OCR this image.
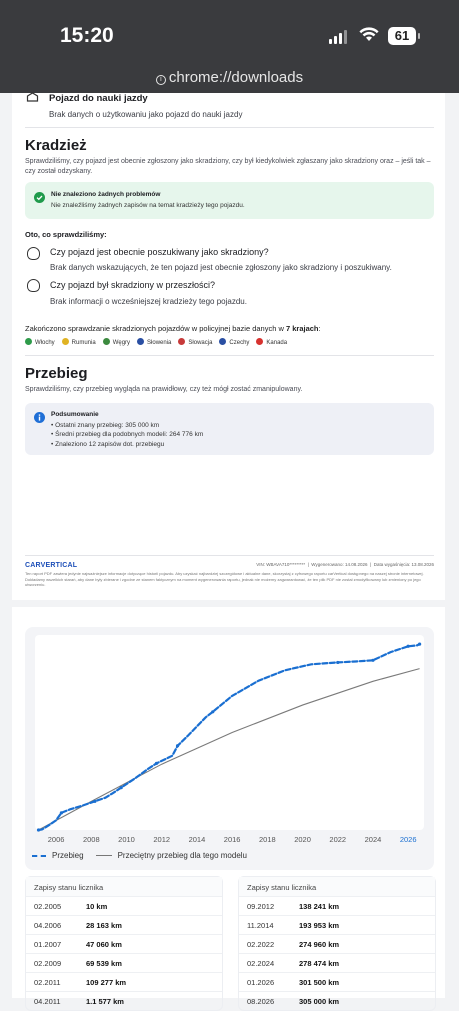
15:20	61
i chrome://downloads
Pojazd do nauki jazdy
Brak danych o użytkowaniu jako pojazd do nauki jazdy
Kradzież
Sprawdziliśmy, czy pojazd jest obecnie zgłoszony jako skradziony, czy był kiedykolwiek zgłaszany jako skradziony oraz – jeśli tak – czy został odzyskany.
Nie znaleziono żadnych problemów
Nie znaleźliśmy żadnych zapisów na temat kradzieży tego pojazdu.
Oto, co sprawdziliśmy:
Czy pojazd jest obecnie poszukiwany jako skradziony?
Brak danych wskazujących, że ten pojazd jest obecnie zgłoszony jako skradziony i poszukiwany.
Czy pojazd był skradziony w przeszłości?
Brak informacji o wcześniejszej kradzieży tego pojazdu.
Zakończono sprawdzanie skradzionych pojazdów w policyjnej bazie danych w 7 krajach:
Włochy	Rumunia	Węgry	Słowenia	Słowacja	Czechy	Kanada
Przebieg
Sprawdziliśmy, czy przebieg wygląda na prawidłowy, czy też mógł zostać zmanipulowany.
Podsumowanie
• Ostatni znany przebieg: 305 000 km
• Średni przebieg dla podobnych modeli: 264 776 km
• Znaleziono 12 zapisów dot. przebiegu
CARVERTICAL	VIN: WBAVA710*********  |  Wygenerowano: 14.08.2026  |  Data wygaśnięcia: 13.08.2026
Ten raport PDF zawiera jedynie najważniejsze informacje dotyczące historii pojazdu. Aby uzyskać najbardziej szczegółowe i aktualne dane, skorzystaj z cyfrowego raportu carVertical dostępnego na naszej stronie internetowej. Dokładamy wszelkich starań, aby dane były zbierane i zgodne ze stanem faktycznym na moment wygenerowania raportu, jednak nie możemy zagwarantować, że ten plik PDF nie został zmodyfikowany lub zmieniony po jego utworzeniu.
2006 2008 2010 2012 2014 2016 2018 2020 2022 2024 2026
Przebieg	Przeciętny przebieg dla tego modelu
Zapisy stanu licznika
02.2005	10 km
04.2006	28 163 km
01.2007	47 060 km
02.2009	69 539 km
02.2011	109 277 km
04.2011	1.1 577 km
Zapisy stanu licznika
09.2012	138 241 km
11.2014	193 953 km
02.2022	274 960 km
02.2024	278 474 km
01.2026	301 500 km
08.2026	305 000 km
